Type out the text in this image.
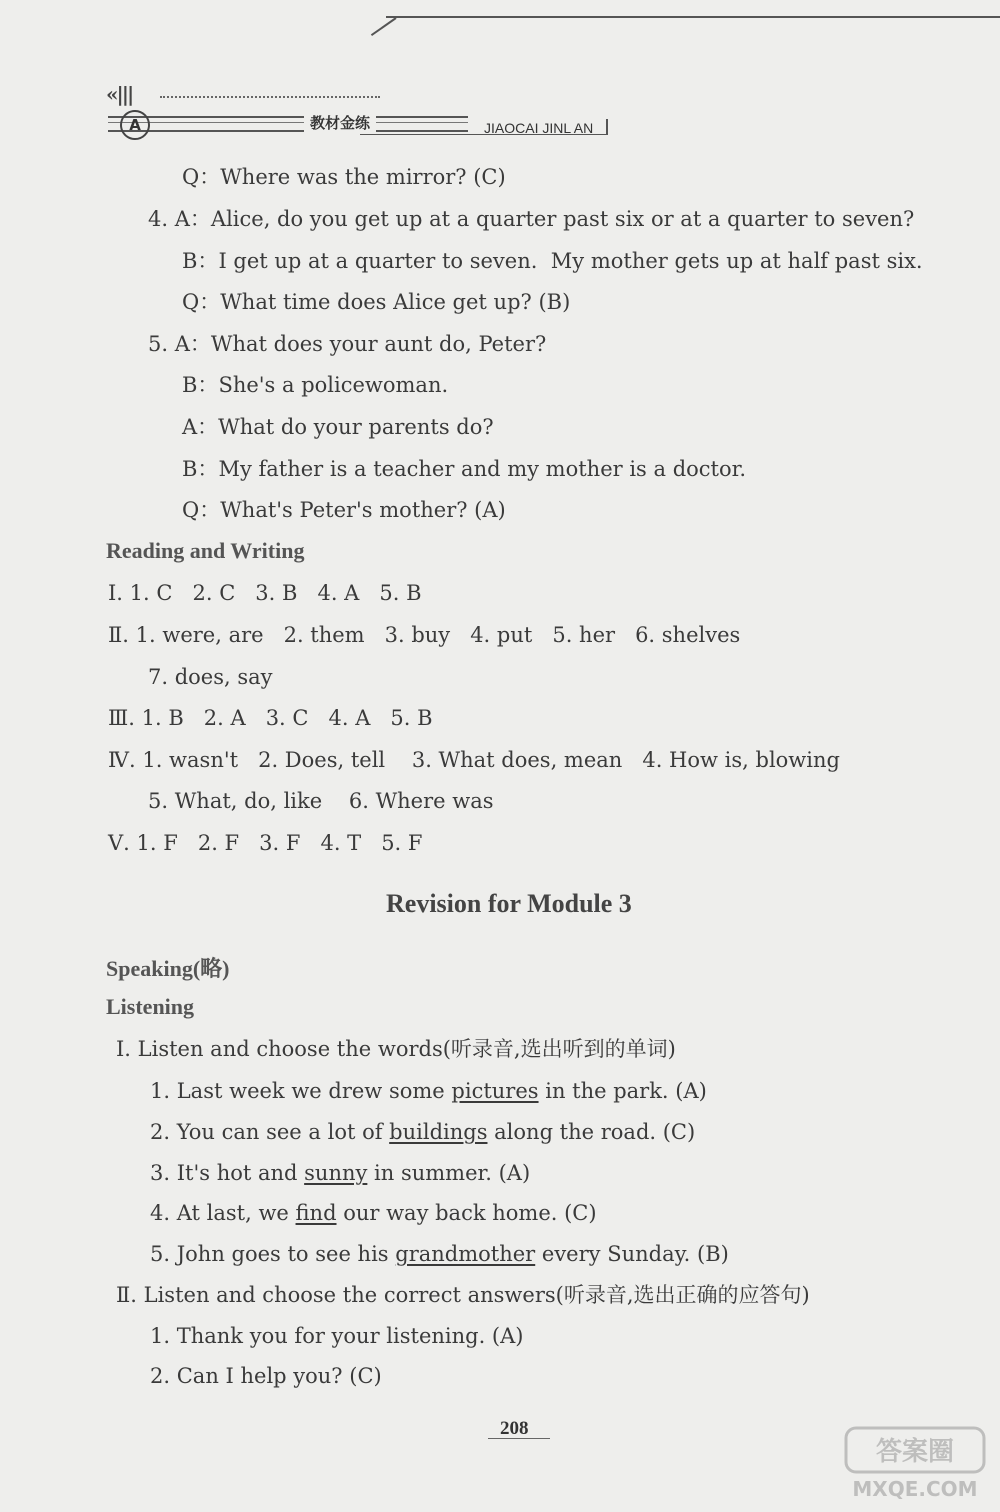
«|||
A	教材金练	JIAOCAI JINL AN
Q：Where was the mirror? (C)
4. A：Alice, do you get up at a quarter past six or at a quarter to seven?
B：I get up at a quarter to seven.  My mother gets up at half past six.
Q：What time does Alice get up? (B)
5. A：What does your aunt do, Peter?
B：She's a policewoman.
A：What do your parents do?
B：My father is a teacher and my mother is a doctor.
Q：What's Peter's mother? (A)
Reading and Writing
Ⅰ. 1. C   2. C   3. B   4. A   5. B
Ⅱ. 1. were, are   2. them   3. buy   4. put   5. her   6. shelves
7. does, say
Ⅲ. 1. B   2. A   3. C   4. A   5. B
Ⅳ. 1. wasn't   2. Does, tell    3. What does, mean   4. How is, blowing
5. What, do, like    6. Where was
Ⅴ. 1. F   2. F   3. F   4. T   5. F
Revision for Module 3
Speaking(略)
Listening
Ⅰ. Listen and choose the words(听录音,选出听到的单词)
1. Last week we drew some pictures in the park. (A)
2. You can see a lot of buildings along the road. (C)
3. It's hot and sunny in summer. (A)
4. At last, we find our way back home. (C)
5. John goes to see his grandmother every Sunday. (B)
Ⅱ. Listen and choose the correct answers(听录音,选出正确的应答句)
1. Thank you for your listening. (A)
2. Can I help you? (C)
208
答案圈
MXQE.COM
